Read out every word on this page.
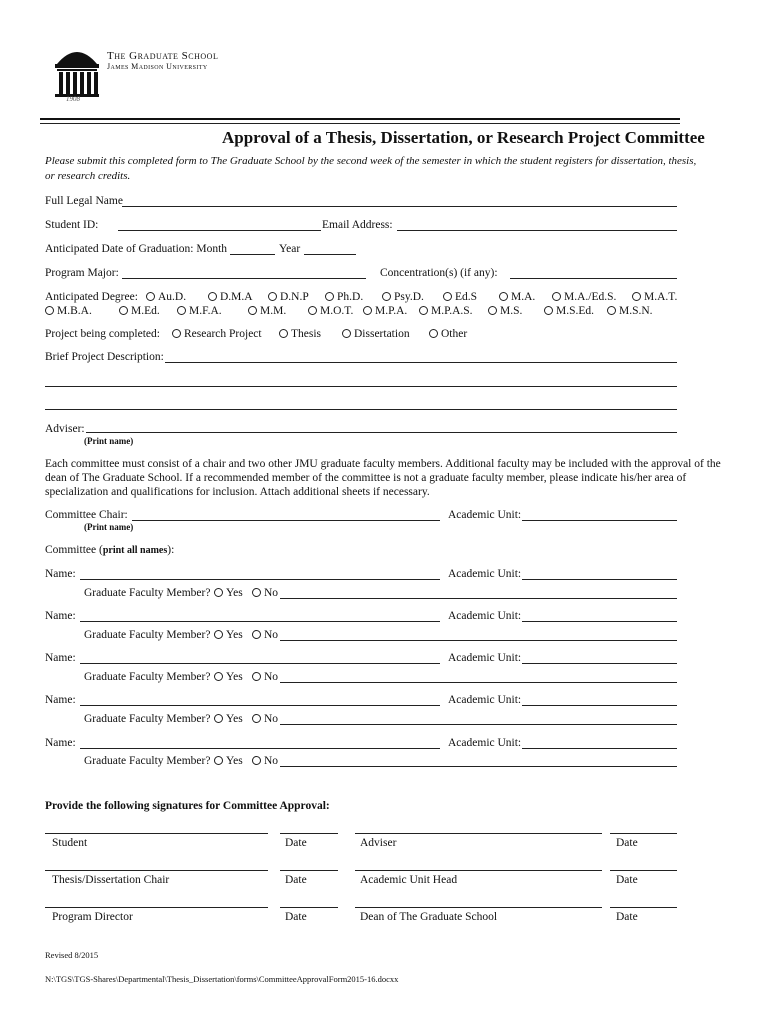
1908
The Graduate School
James Madison University
Approval of a Thesis, Dissertation, or Research Project Committee
Please submit this completed form to The Graduate School by the second week of the semester in which the student registers for dissertation, thesis,
or research credits.
Full Legal Name
Student ID:	Email Address:
Anticipated Date of Graduation: Month	Year
Program Major:	Concentration(s) (if any):
Anticipated Degree:	Au.D.	D.M.A	D.N.P	Ph.D.	Psy.D.	Ed.S	M.A.	M.A./Ed.S.	M.A.T.
M.B.A.	M.Ed.	M.F.A.	M.M.	M.O.T.	M.P.A.	M.P.A.S.	M.S.	M.S.Ed.	M.S.N.
Project being completed:	Research Project	Thesis	Dissertation	Other
Brief Project Description:
Adviser:
(Print name)
Each committee must consist of a chair and two other JMU graduate faculty members. Additional faculty may be included with the approval of the
dean of The Graduate School. If a recommended member of the committee is not a graduate faculty member, please indicate his/her area of
specialization and qualifications for inclusion. Attach additional sheets if necessary.
Committee Chair:	Academic Unit:
(Print name)
Committee (print all names):
Name:	Academic Unit:
Graduate Faculty Member?	Yes	No
Name:	Academic Unit:
Graduate Faculty Member?	Yes	No
Name:	Academic Unit:
Graduate Faculty Member?	Yes	No
Name:	Academic Unit:
Graduate Faculty Member?	Yes	No
Name:	Academic Unit:
Graduate Faculty Member?	Yes	No
Provide the following signatures for Committee Approval:
Student	Date	Adviser	Date
Thesis/Dissertation Chair	Date	Academic Unit Head	Date
Program Director	Date	Dean of The Graduate School	Date
Revised 8/2015
N:\TGS\TGS-Shares\Departmental\Thesis_Dissertation\forms\CommitteeApprovalForm2015-16.docxx
